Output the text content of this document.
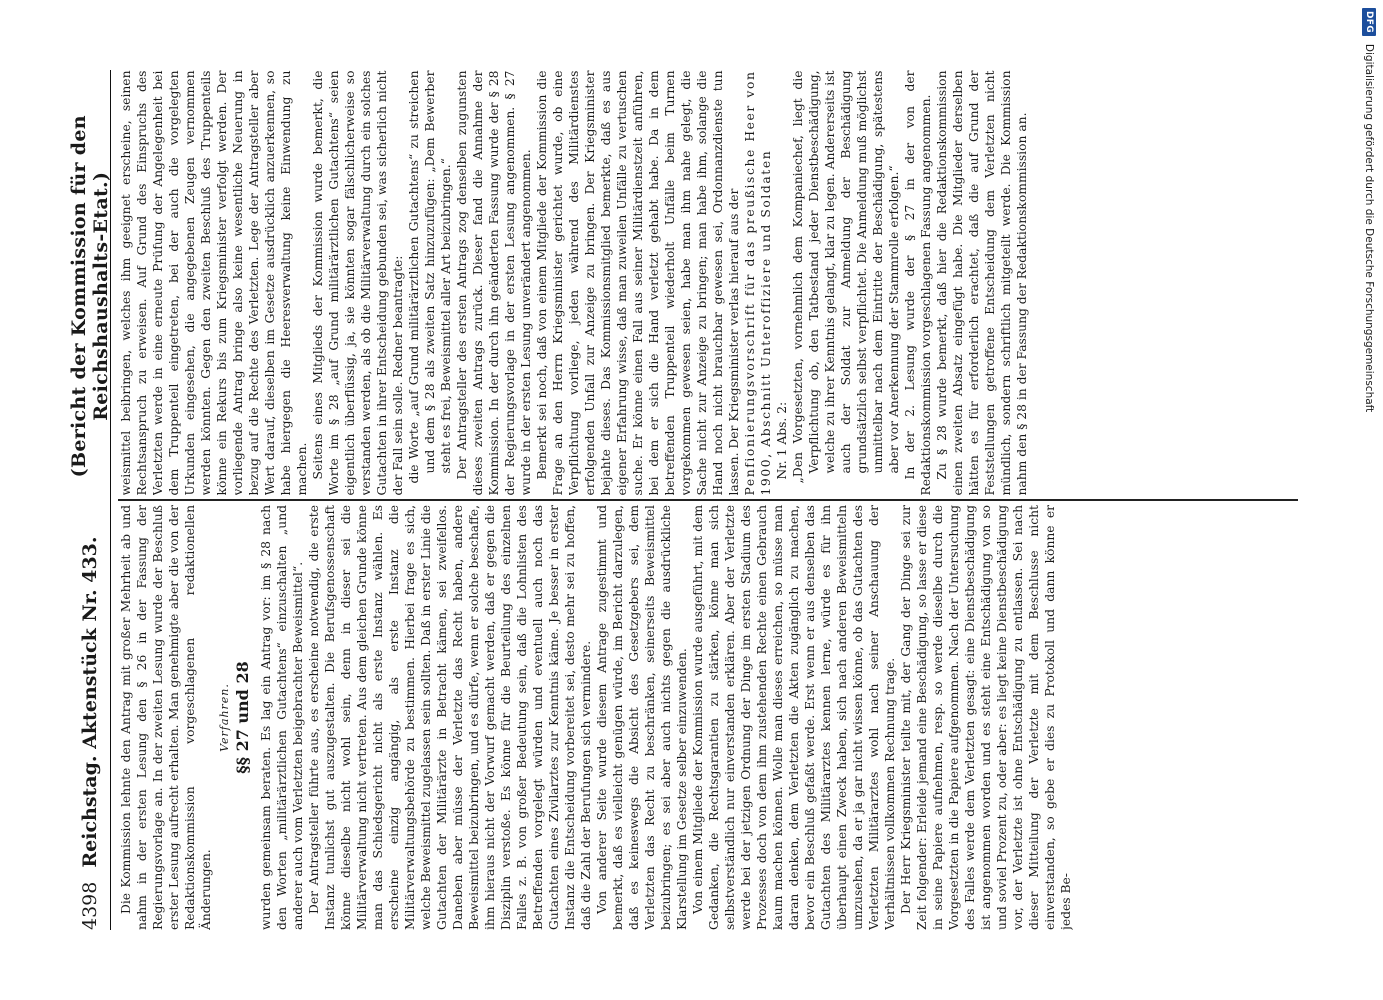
4398
Reichstag. Aktenstück Nr. 433.
(Bericht der Kommission für den Reichshaushalts-Etat.)

Die Kommission lehnte den Antrag mit großer Mehrheit ab und nahm in der ersten Lesung den § 26 in der Fassung der Regierungsvorlage an. In der zweiten Lesung wurde der Beschluß erster Lesung aufrecht erhalten. Man genehmigte aber die von der Redaktionskommission vorgeschlagenen redaktionellen Änderungen.

Verfahren. §§ 27 und 28 wurden gemeinsam beraten. Es lag ein Antrag vor: im § 28 nach den Worten „militärärztlichen Gutachtens“ einzuschalten „und anderer auch vom Verletzten beigebrachter Beweismittel“. Der Antragsteller führte aus, es erscheine notwendig, die erste Instanz tunlichst gut auszugestalten. Die Berufsgenossenschaft könne dieselbe nicht wohl sein, denn in dieser sei die Militärverwaltung nicht vertreten. Aus dem gleichen Grunde könne man das Schiedsgericht nicht als erste Instanz wählen. Es erscheine einzig angängig, als erste Instanz die Militärverwaltungsbehörde zu bestimmen. Hierbei frage es sich, welche Beweismittel zugelassen sein sollten. Daß in erster Linie die Gutachten der Militärärzte in Betracht kämen, sei zweifellos. Daneben aber müsse der Verletzte das Recht haben, andere Beweismittel beizubringen, und es dürfe, wenn er solche beschaffe, ihm hieraus nicht der Vorwurf gemacht werden, daß er gegen die Disziplin verstoße. Es könne für die Beurteilung des einzelnen Falles z. B. von großer Bedeutung sein, daß die Lohnlisten des Betreffenden vorgelegt würden und eventuell auch noch das Gutachten eines Zivilarztes zur Kenntnis käme. Je besser in erster Instanz die Entscheidung vorbereitet sei, desto mehr sei zu hoffen, daß die Zahl der Berufungen sich vermindere. Von anderer Seite wurde diesem Antrage zugestimmt und bemerkt, daß es vielleicht genügen würde, im Bericht darzulegen, daß es keineswegs die Absicht des Gesetzgebers sei, dem Verletzten das Recht zu beschränken, seinerseits Beweismittel beizubringen; es sei aber auch nichts gegen die ausdrückliche Klarstellung im Gesetze selber einzuwenden. Von einem Mitgliede der Kommission wurde ausgeführt, mit dem Gedanken, die Rechtsgarantien zu stärken, könne man sich selbstverständlich nur einverstanden erklären. Aber der Verletzte werde bei der jetzigen Ordnung der Dinge im ersten Stadium des Prozesses doch von dem ihm zustehenden Rechte einen Gebrauch kaum machen können. Wolle man dieses erreichen, so müsse man daran denken, dem Verletzten die Akten zugänglich zu machen, bevor ein Beschluß gefaßt werde. Erst wenn er aus denselben das Gutachten des Militärarztes kennen lerne, würde es für ihn überhaupt einen Zweck haben, sich nach anderen Beweismitteln umzusehen, da er ja gar nicht wissen könne, ob das Gutachten des Verletzten Militärarztes wohl nach seiner Anschauung der Verhältnissen vollkommen Rechnung trage. Der Herr Kriegsminister teilte mit, der Gang der Dinge sei zur Zeit folgender: Erleide jemand eine Beschädigung, so lasse er diese in seine Papiere aufnehmen, resp. so werde dieselbe durch die Vorgesetzten in die Papiere aufgenommen. Nach der Untersuchung des Falles werde dem Verletzten gesagt: eine Dienstbeschädigung ist angenommen worden und es steht eine Entschädigung von so und soviel Prozent zu, oder aber: es liegt keine Dienstbeschädigung vor, der Verletzte ist ohne Entschädigung zu entlassen. Sei nach dieser Mitteilung der Verletzte mit dem Beschlusse nicht einverstanden, so gebe er dies zu Protokoll und dann könne er jedes Be-

weismittel beibringen, welches ihm geeignet erscheine, seinen Rechtsanspruch zu erweisen. Auf Grund des Einspruchs des Verletzten werde in eine erneute Prüfung der Angelegenheit bei dem Truppenteil eingetreten, bei der auch die vorgelegten Urkunden eingesehen, die angegebenen Zeugen vernommen werden könnten. Gegen den zweiten Beschluß des Truppenteils könne ein Rekurs bis zum Kriegsminister verfolgt werden. Der vorliegende Antrag bringe also keine wesentliche Neuerung in bezug auf die Rechte des Verletzten. Lege der Antragsteller aber Wert darauf, dieselben im Gesetze ausdrücklich anzuerkennen, so habe hiergegen die Heeresverwaltung keine Einwendung zu machen. Seitens eines Mitglieds der Kommission wurde bemerkt, die Worte im § 28 „auf Grund militärärztlichen Gutachtens“ seien eigentlich überflüssig, ja, sie könnten sogar fälschlicherweise so verstanden werden, als ob die Militärverwaltung durch ein solches Gutachten in ihrer Entscheidung gebunden sei, was sicherlich nicht der Fall sein solle. Redner beantragte: die Worte „auf Grund militärärztlichen Gutachtens“ zu streichen und dem § 28 als zweiten Satz hinzuzufügen: „Dem Bewerber steht es frei, Beweismittel aller Art beizubringen.“ Der Antragsteller des ersten Antrags zog denselben zugunsten dieses zweiten Antrags zurück. Dieser fand die Annahme der Kommission. In der durch ihn geänderten Fassung wurde der § 28 der Regierungsvorlage in der ersten Lesung angenommen. § 27 wurde in der ersten Lesung unverändert angenommen. Bemerkt sei noch, daß von einem Mitgliede der Kommission die Frage an den Herrn Kriegsminister gerichtet wurde, ob eine Verpflichtung vorliege, jeden während des Militärdienstes erfolgenden Unfall zur Anzeige zu bringen. Der Kriegsminister bejahte dieses. Das Kommissionsmitglied bemerkte, daß es aus eigener Erfahrung wisse, daß man zuweilen Unfälle zu vertuschen suche. Er könne einen Fall aus seiner Militärdienstzeit anführen, bei dem er sich die Hand verletzt gehabt habe. Da in dem betreffenden Truppenteil wiederholt Unfälle beim Turnen vorgekommen gewesen seien, habe man ihm nahe gelegt, die Sache nicht zur Anzeige zu bringen; man habe ihm, solange die Hand noch nicht brauchbar gewesen sei, Ordonnanzdienste tun lassen. Der Kriegsminister verlas hierauf aus der Penfionierungsvorschrift für das preußische Heer von 1900, Abschnitt Unteroffiziere und Soldaten Nr. 1 Abs. 2: „Den Vorgesetzten, vornehmlich dem Kompaniechef, liegt die Verpflichtung ob, den Tatbestand jeder Dienstbeschädigung, welche zu ihrer Kenntnis gelangt, klar zu legen. Andererseits ist auch der Soldat zur Anmeldung der Beschädigung grundsätzlich selbst verpflichtet. Die Anmeldung muß möglichst unmittelbar nach dem Eintritte der Beschädigung, spätestens aber vor Anerkennung der Stammrolle erfolgen.“ In der 2. Lesung wurde der § 27 in der von der Redaktionskommission vorgeschlagenen Fassung angenommen. Zu § 28 wurde bemerkt, daß hier die Redaktionskommission einen zweiten Absatz eingefügt habe. Die Mitglieder derselben hätten es für erforderlich erachtet, daß die auf Grund der Feststellungen getroffene Entscheidung dem Verletzten nicht mündlich, sondern schriftlich mitgeteilt werde. Die Kommission nahm den § 28 in der Fassung der Redaktionskommission an.

DFG
Digitalisierung gefördert durch die Deutsche Forschungsgemeinschaft
